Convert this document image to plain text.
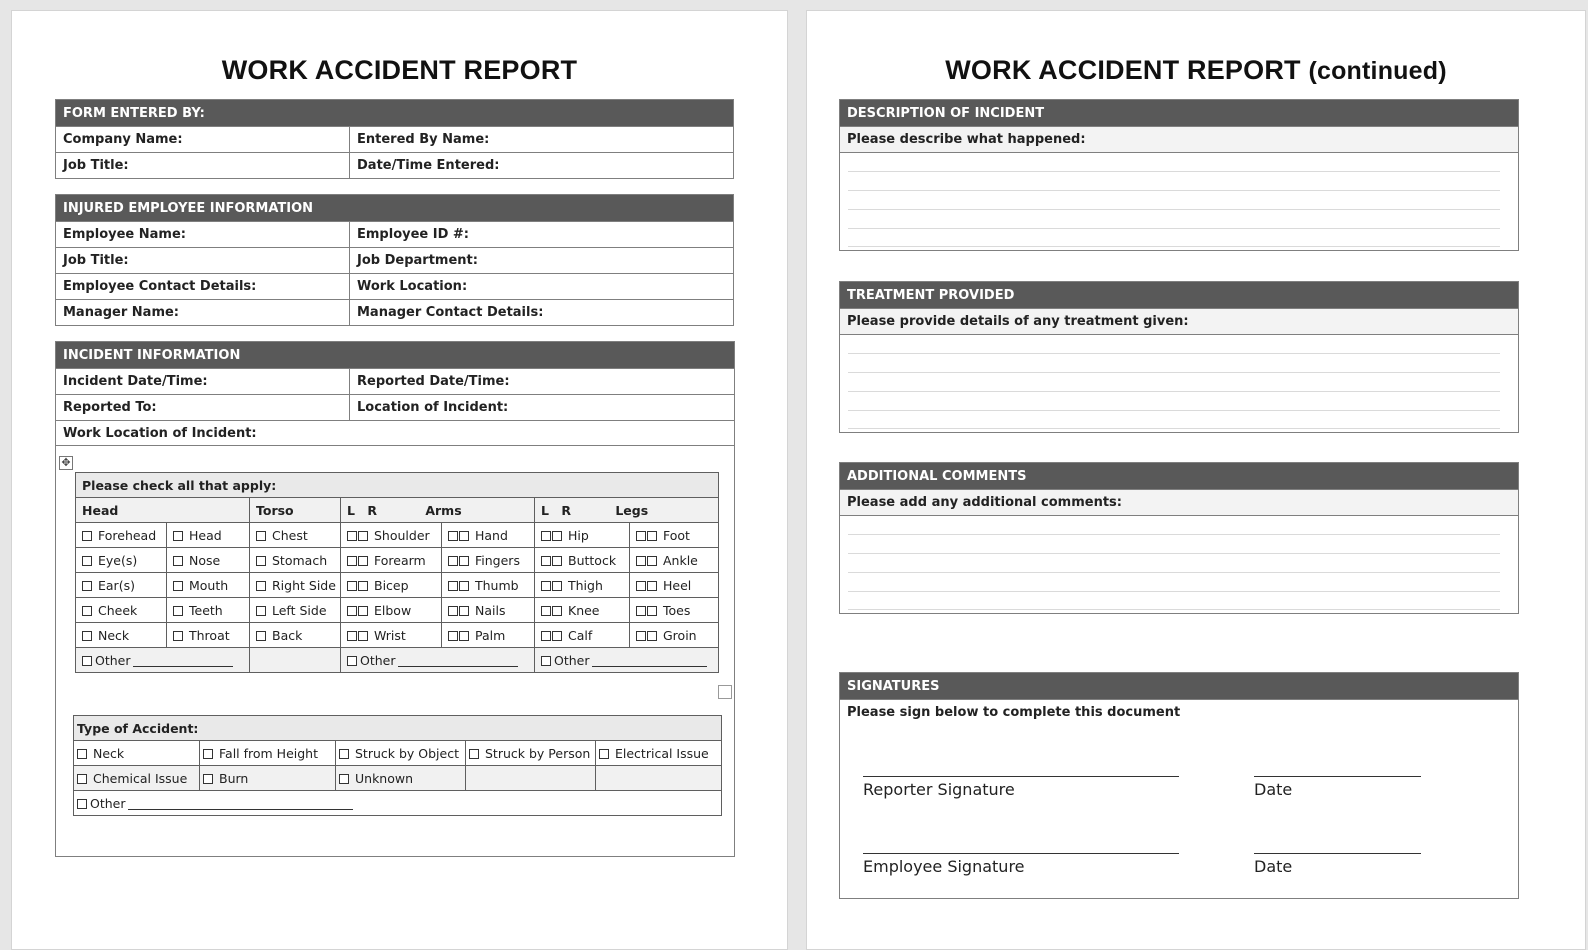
WORK ACCIDENT REPORT
FORM ENTERED BY:
Company Name:	Entered By Name:
Job Title:	Date/Time Entered:
INJURED EMPLOYEE INFORMATION
Employee Name:	Employee ID #:
Job Title:	Job Department:
Employee Contact Details:	Work Location:
Manager Name:	Manager Contact Details:
INCIDENT INFORMATION
Incident Date/Time:	Reported Date/Time:
Reported To:	Location of Incident:
Work Location of Incident:
✥
Please check all that apply:						
Head		Torso	L R Arms		L R Legs	
Forehead	Head	Chest	Shoulder	Hand	Hip	Foot
Eye(s)	Nose	Stomach	Forearm	Fingers	Buttock	Ankle
Ear(s)	Mouth	Right Side	Bicep	Thumb	Thigh	Heel
Cheek	Teeth	Left Side	Elbow	Nails	Knee	Toes
Neck	Throat	Back	Wrist	Palm	Calf	Groin
Other			Other		Other	
Type of Accident:				
Neck	Fall from Height	Struck by Object	Struck by Person	Electrical Issue
Chemical Issue	Burn	Unknown		
Other				
WORK ACCIDENT REPORT (continued)
DESCRIPTION OF INCIDENT
Please describe what happened:
TREATMENT PROVIDED
Please provide details of any treatment given:
ADDITIONAL COMMENTS
Please add any additional comments:
SIGNATURES
Please sign below to complete this document
Reporter Signature	Date
Employee Signature	Date
